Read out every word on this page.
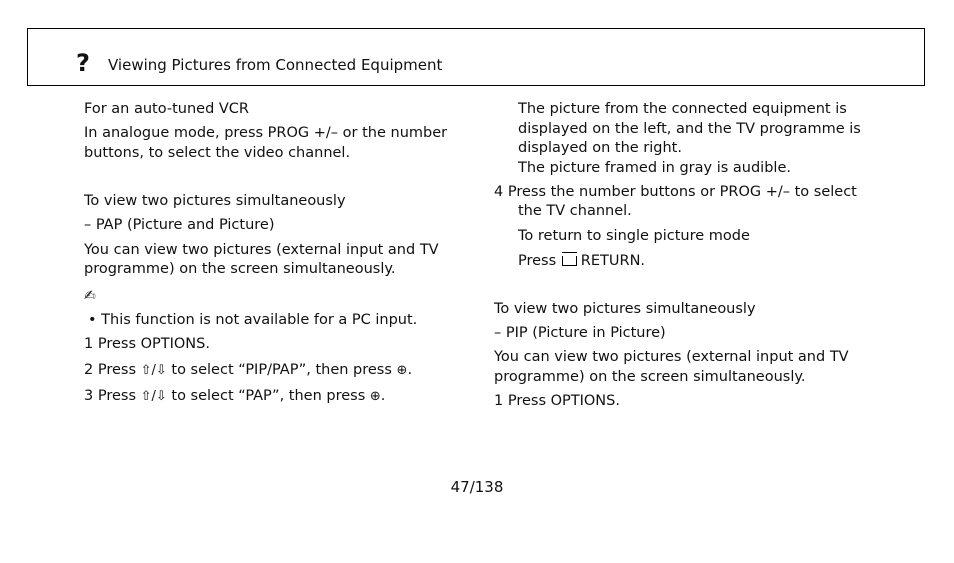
? Viewing Pictures from Connected Equipment
For an auto-tuned VCR
In analogue mode, press PROG +/– or the number
buttons, to select the video channel.
To view two pictures simultaneously
– PAP (Picture and Picture)
You can view two pictures (external input and TV
programme) on the screen simultaneously.
✍
• This function is not available for a PC input.
1 Press OPTIONS.
2 Press ⇧/⇩ to select “PIP/PAP”, then press ⊕.
3 Press ⇧/⇩ to select “PAP”, then press ⊕.
The picture from the connected equipment is
displayed on the left, and the TV programme is
displayed on the right.
The picture framed in gray is audible.
4 Press the number buttons or PROG +/– to select
the TV channel.
To return to single picture mode
Press RETURN.
To view two pictures simultaneously
– PIP (Picture in Picture)
You can view two pictures (external input and TV
programme) on the screen simultaneously.
1 Press OPTIONS.
47/138
